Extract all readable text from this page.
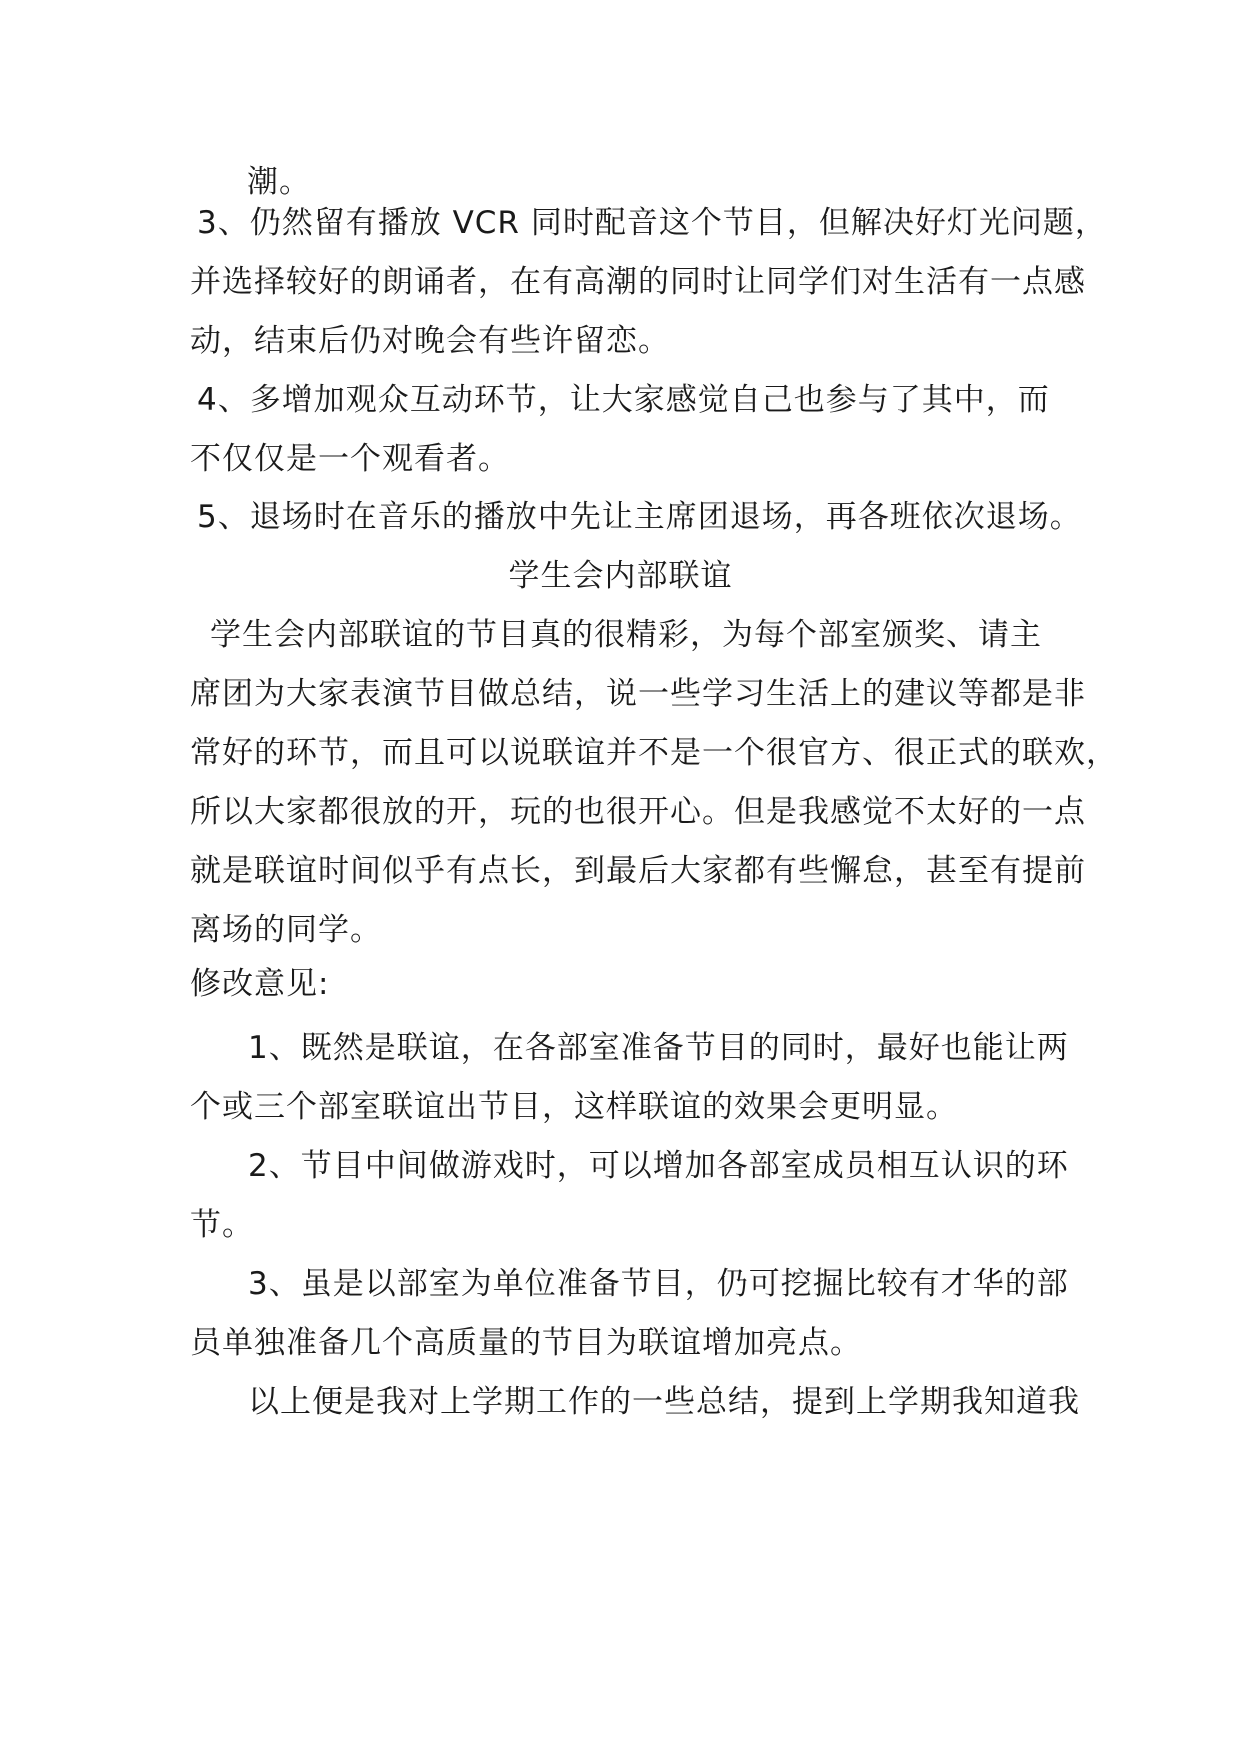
潮。
3、仍然留有播放 VCR 同时配音这个节目，但解决好灯光问题，
并选择较好的朗诵者，在有高潮的同时让同学们对生活有一点感
动，结束后仍对晚会有些许留恋。
4、多增加观众互动环节，让大家感觉自己也参与了其中，而
不仅仅是一个观看者。
5、退场时在音乐的播放中先让主席团退场，再各班依次退场。
学生会内部联谊
学生会内部联谊的节目真的很精彩，为每个部室颁奖、请主
席团为大家表演节目做总结，说一些学习生活上的建议等都是非
常好的环节，而且可以说联谊并不是一个很官方、很正式的联欢，
所以大家都很放的开，玩的也很开心。但是我感觉不太好的一点
就是联谊时间似乎有点长，到最后大家都有些懈怠，甚至有提前
离场的同学。
修改意见:
1、既然是联谊，在各部室准备节目的同时，最好也能让两
个或三个部室联谊出节目，这样联谊的效果会更明显。
2、节目中间做游戏时，可以增加各部室成员相互认识的环
节。
3、虽是以部室为单位准备节目，仍可挖掘比较有才华的部
员单独准备几个高质量的节目为联谊增加亮点。
以上便是我对上学期工作的一些总结，提到上学期我知道我
